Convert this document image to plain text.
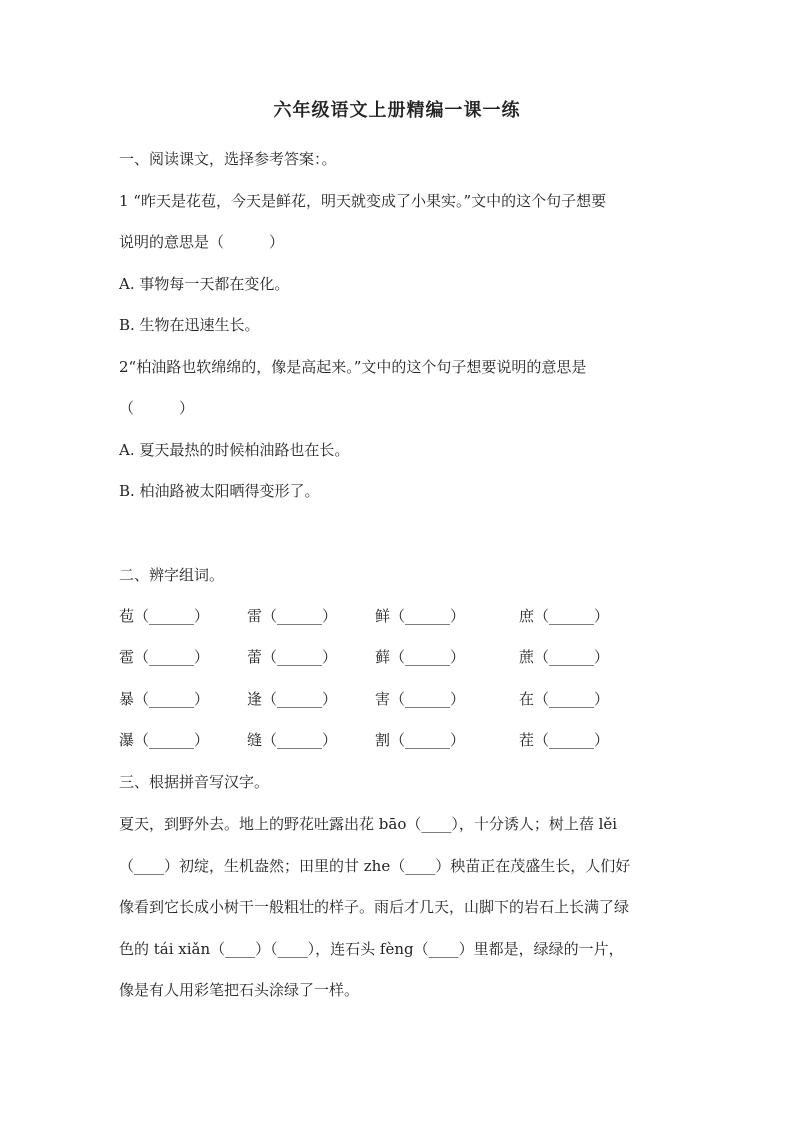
六年级语文上册精编一课一练
一、阅读课文，选择参考答案：。
1 “昨天是花苞，今天是鲜花，明天就变成了小果实。”文中的这个句子想要
说明的意思是（　　　）
A. 事物每一天都在变化。
B. 生物在迅速生长。
2“柏油路也软绵绵的，像是高起来。”文中的这个句子想要说明的意思是
（　　　）
A. 夏天最热的时候柏油路也在长。
B. 柏油路被太阳晒得变形了。
二、辨字组词。
苞（______）	雷（______）	鲜（______）	庶（______）
雹（______）	蕾（______）	藓（______）	蔗（______）
暴（______）	逢（______）	害（______）	在（______）
瀑（______）	缝（______）	割（______）	茬（______）
三、根据拼音写汉字。
夏天，到野外去。地上的野花吐露出花 bāo（____），十分诱人；树上蓓 lěi
（____）初绽，生机盎然；田里的甘 zhe（____）秧苗正在茂盛生长，人们好
像看到它长成小树干一般粗壮的样子。雨后才几天，山脚下的岩石上长满了绿
色的 tái xiǎn（____）（____），连石头 fèng（____）里都是，绿绿的一片，
像是有人用彩笔把石头涂绿了一样。
